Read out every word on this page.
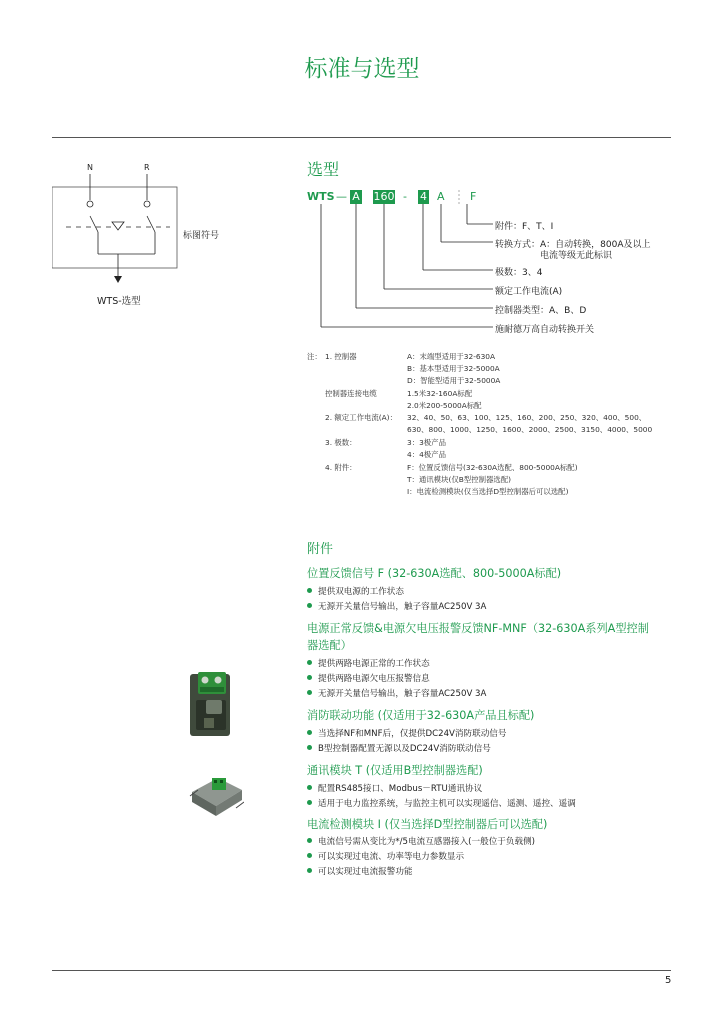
标准与选型
N	R
标图符号
WTS-选型
选型
WTS — A 160 - 4 A F
附件：F、T、I
转换方式：A：自动转换，800A及以上
电流等级无此标识
极数：3、4
额定工作电流(A)
控制器类型：A、B、D
施耐德万高自动转换开关
注： 1. 控制器	A：末端型适用于32-630A
B：基本型适用于32-5000A
D：智能型适用于32-5000A
控制器连接电缆	1.5米32-160A标配
2.0米200-5000A标配
2. 额定工作电流(A)： 32、40、50、63、100、125、160、200、250、320、400、500、
630、800、1000、1250、1600、2000、2500、3150、4000、5000
3. 极数：	3：3极产品
4：4极产品
4. 附件：	F：位置反馈信号(32-630A选配、800-5000A标配)
T：通讯模块(仅B型控制器选配)
I：电流检测模块(仅当选择D型控制器后可以选配)
附件
位置反馈信号 F (32-630A选配、800-5000A标配)
提供双电源的工作状态
无源开关量信号输出，触子容量AC250V 3A
电源正常反馈&电源欠电压报警反馈NF-MNF（32-630A系列A型控制
器选配）
提供两路电源正常的工作状态
提供两路电源欠电压报警信息
无源开关量信号输出，触子容量AC250V 3A
消防联动功能 (仅适用于32-630A产品且标配)
当选择NF和MNF后，仅提供DC24V消防联动信号
B型控制器配置无源以及DC24V消防联动信号
通讯模块 T (仅适用B型控制器选配)
配置RS485接口、Modbus－RTU通讯协议
适用于电力监控系统，与监控主机可以实现遥信、遥测、遥控、遥调
电流检测模块 I (仅当选择D型控制器后可以选配)
电流信号需从变比为*/5电流互感器接入(一般位于负载侧)
可以实现过电流、功率等电力参数显示
可以实现过电流报警功能
5
